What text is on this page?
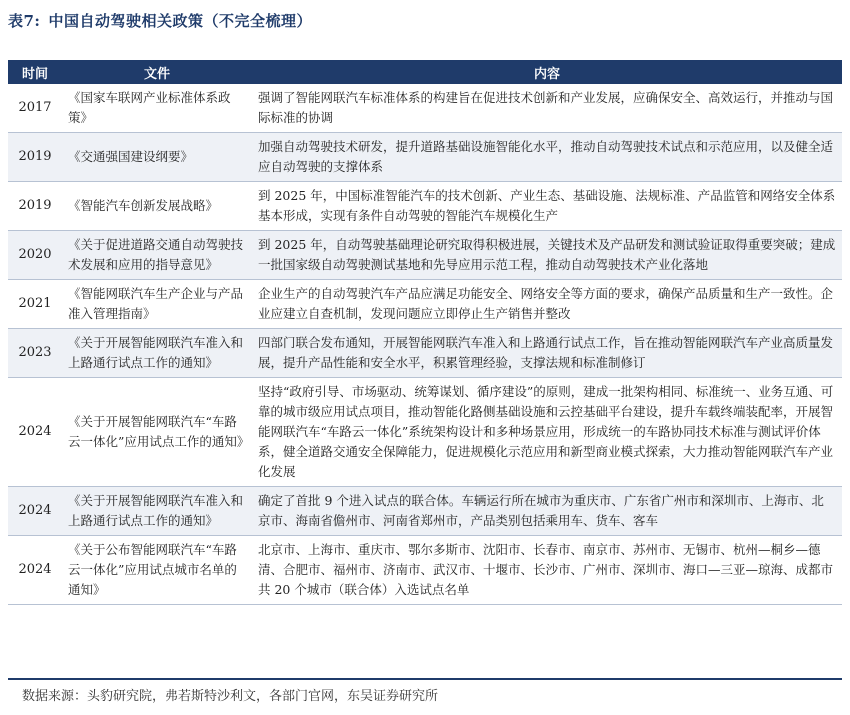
表7: 中国自动驾驶相关政策（不完全梳理）
时间	文件	内容
2017	《国家车联网产业标准体系政策》	强调了智能网联汽车标准体系的构建旨在促进技术创新和产业发展，应确保安全、高效运行，并推动与国际标准的协调
2019	《交通强国建设纲要》	加强自动驾驶技术研发，提升道路基础设施智能化水平，推动自动驾驶技术试点和示范应用，以及健全适应自动驾驶的支撑体系
2019	《智能汽车创新发展战略》	到 2025 年，中国标准智能汽车的技术创新、产业生态、基础设施、法规标准、产品监管和网络安全体系基本形成，实现有条件自动驾驶的智能汽车规模化生产
2020	《关于促进道路交通自动驾驶技术发展和应用的指导意见》	到 2025 年，自动驾驶基础理论研究取得积极进展，关键技术及产品研发和测试验证取得重要突破；建成一批国家级自动驾驶测试基地和先导应用示范工程，推动自动驾驶技术产业化落地
2021	《智能网联汽车生产企业与产品准入管理指南》	企业生产的自动驾驶汽车产品应满足功能安全、网络安全等方面的要求，确保产品质量和生产一致性。企业应建立自查机制，发现问题应立即停止生产销售并整改
2023	《关于开展智能网联汽车准入和上路通行试点工作的通知》	四部门联合发布通知，开展智能网联汽车准入和上路通行试点工作，旨在推动智能网联汽车产业高质量发展，提升产品性能和安全水平，积累管理经验，支撑法规和标准制修订
2024	《关于开展智能网联汽车“车路云一体化”应用试点工作的通知》	坚持“政府引导、市场驱动、统筹谋划、循序建设”的原则，建成一批架构相同、标准统一、业务互通、可靠的城市级应用试点项目，推动智能化路侧基础设施和云控基础平台建设，提升车载终端装配率，开展智能网联汽车“车路云一体化”系统架构设计和多种场景应用，形成统一的车路协同技术标准与测试评价体系，健全道路交通安全保障能力，促进规模化示范应用和新型商业模式探索，大力推动智能网联汽车产业化发展
2024	《关于开展智能网联汽车准入和上路通行试点工作的通知》	确定了首批 9 个进入试点的联合体。车辆运行所在城市为重庆市、广东省广州市和深圳市、上海市、北京市、海南省儋州市、河南省郑州市，产品类别包括乘用车、货车、客车
2024	《关于公布智能网联汽车“车路云一体化”应用试点城市名单的通知》	北京市、上海市、重庆市、鄂尔多斯市、沈阳市、长春市、南京市、苏州市、无锡市、杭州—桐乡—德清、合肥市、福州市、济南市、武汉市、十堰市、长沙市、广州市、深圳市、海口—三亚—琼海、成都市共 20 个城市（联合体）入选试点名单
数据来源：头豹研究院，弗若斯特沙利文，各部门官网，东吴证券研究所
